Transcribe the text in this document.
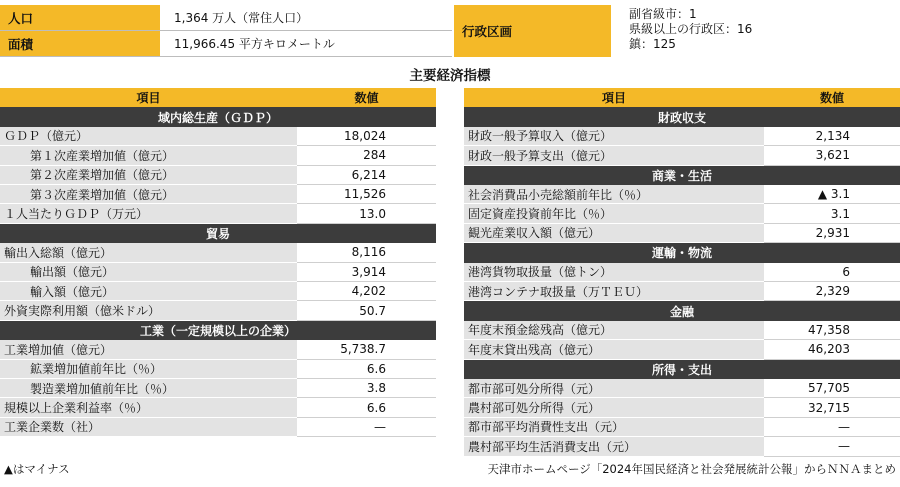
人口	1,364 万人（常住人口）
面積	11,966.45 平方キロメートル
行政区画
副省級市：1
県級以上の行政区：16
鎮：125
主要経済指標
項目	数値
域内総生産（ＧＤＰ）
ＧＤＰ（億元）	18,024
第１次産業増加値（億元）	284
第２次産業増加値（億元）	6,214
第３次産業増加値（億元）	11,526
１人当たりＧＤＰ（万元）	13.0
貿易
輸出入総額（億元）	8,116
輸出額（億元）	3,914
輸入額（億元）	4,202
外資実際利用額（億米ドル）	50.7
工業（一定規模以上の企業）
工業増加値（億元）	5,738.7
鉱業増加値前年比（％）	6.6
製造業増加値前年比（％）	3.8
規模以上企業利益率（％）	6.6
工業企業数（社）	—
項目	数値
財政収支
財政一般予算収入（億元）	2,134
財政一般予算支出（億元）	3,621
商業・生活
社会消費品小売総額前年比（％）	▲ 3.1
固定資産投資前年比（％）	3.1
観光産業収入額（億元）	2,931
運輸・物流
港湾貨物取扱量（億トン）	6
港湾コンテナ取扱量（万ＴＥＵ）	2,329
金融
年度末預金総残高（億元）	47,358
年度末貸出残高（億元）	46,203
所得・支出
都市部可処分所得（元）	57,705
農村部可処分所得（元）	32,715
都市部平均消費性支出（元）	—
農村部平均生活消費支出（元）	—
▲はマイナス	天津市ホームページ「2024年国民経済と社会発展統計公報」からＮＮＡまとめ
